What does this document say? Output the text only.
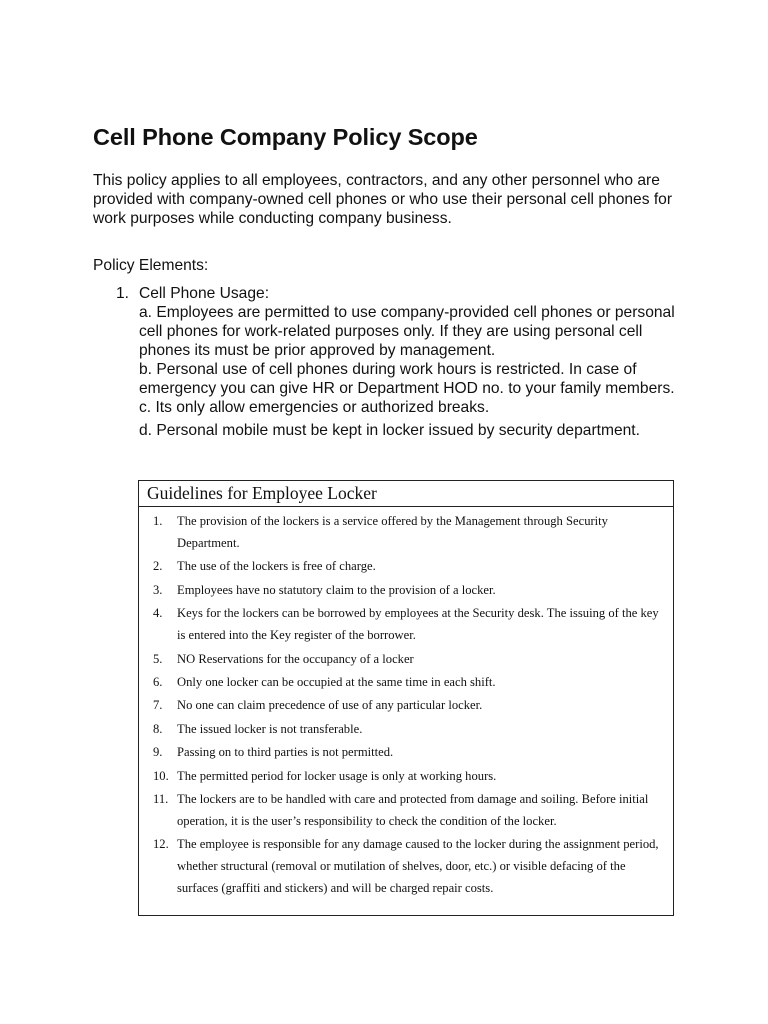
Cell Phone Company Policy Scope

This policy applies to all employees, contractors, and any other personnel who are provided with company-owned cell phones or who use their personal cell phones for work purposes while conducting company business.

Policy Elements:

1. Cell Phone Usage:
a. Employees are permitted to use company-provided cell phones or personal cell phones for work-related purposes only. If they are using personal cell phones its must be prior approved by management.
b. Personal use of cell phones during work hours is restricted. In case of emergency you can give HR or Department HOD no. to your family members.
c. Its only allow emergencies or authorized breaks.
d. Personal mobile must be kept in locker issued by security department.
Guidelines for Employee Locker
1.	The provision of the lockers is a service offered by the Management through Security Department.
2.	The use of the lockers is free of charge.
3.	Employees have no statutory claim to the provision of a locker.
4.	Keys for the lockers can be borrowed by employees at the Security desk. The issuing of the key is entered into the Key register of the borrower.
5.	NO Reservations for the occupancy of a locker
6.	Only one locker can be occupied at the same time in each shift.
7.	No one can claim precedence of use of any particular locker.
8.	The issued locker is not transferable.
9.	Passing on to third parties is not permitted.
10. The permitted period for locker usage is only at working hours.
11. The lockers are to be handled with care and protected from damage and soiling. Before initial operation, it is the user’s responsibility to check the condition of the locker.
12. The employee is responsible for any damage caused to the locker during the assignment period, whether structural (removal or mutilation of shelves, door, etc.) or visible defacing of the surfaces (graffiti and stickers) and will be charged repair costs.
